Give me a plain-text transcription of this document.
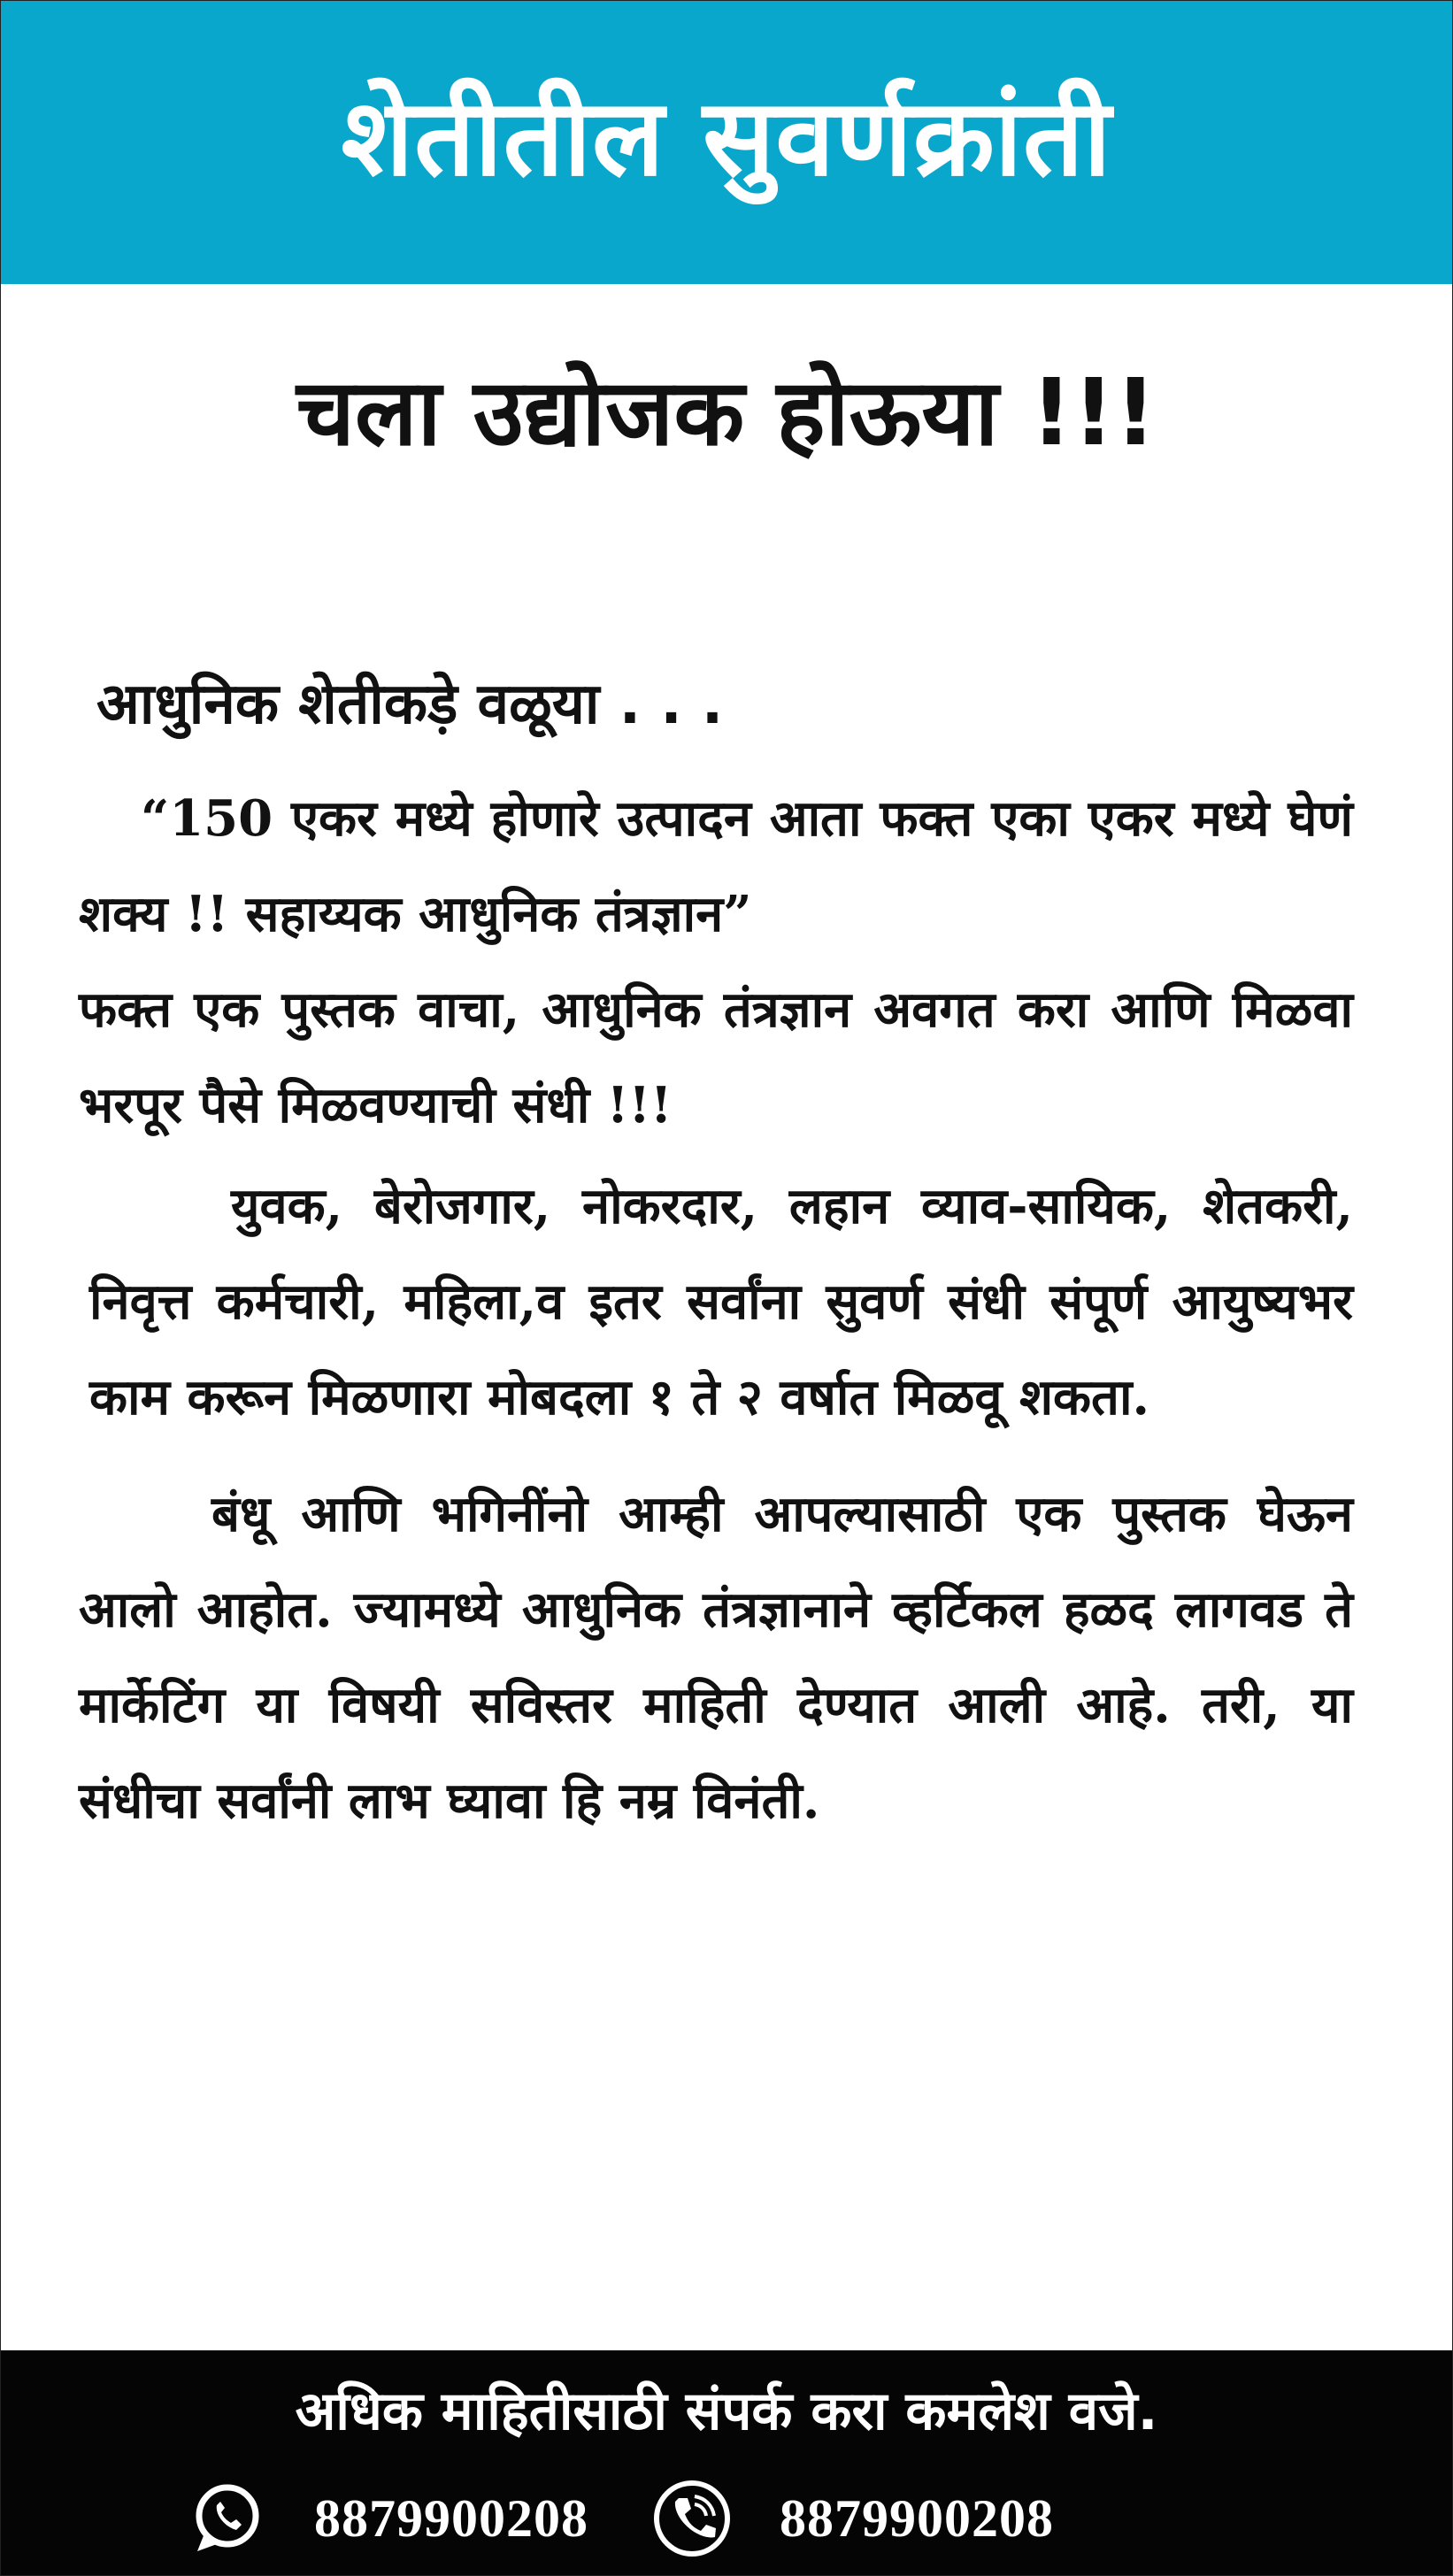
शेतीतील सुवर्णक्रांती
चला उद्योजक होऊया !!!
आधुनिक शेतीकड़े वळूया . . .

“150 एकर मध्ये होणारे उत्पादन आता फक्त एका एकर मध्ये घेणं शक्य !! सहाय्यक आधुनिक तंत्रज्ञान”

फक्त एक पुस्तक वाचा, आधुनिक तंत्रज्ञान अवगत करा आणि मिळवा भरपूर पैसे मिळवण्याची संधी !!!

युवक, बेरोजगार, नोकरदार, लहान व्याव-सायिक, शेतकरी, निवृत्त कर्मचारी, महिला,व इतर सर्वांना सुवर्ण संधी संपूर्ण आयुष्यभर काम करून मिळणारा मोबदला १ ते २ वर्षात मिळवू शकता.

बंधू आणि भगिनींनो आम्ही आपल्यासाठी एक पुस्तक घेऊन आलो आहोत. ज्यामध्ये आधुनिक तंत्रज्ञानाने व्हर्टिकल हळद लागवड ते मार्केटिंग या विषयी सविस्तर माहिती देण्यात आली आहे. तरी, या संधीचा सर्वांनी लाभ घ्यावा हि नम्र विनंती.

अधिक माहितीसाठी संपर्क करा कमलेश वजे.
8879900208	8879900208
